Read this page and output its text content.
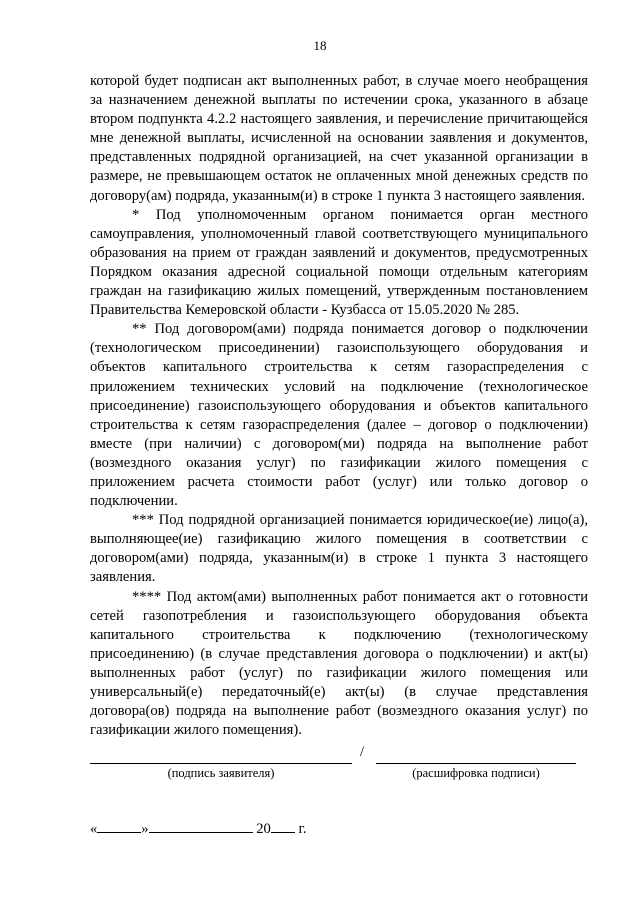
18

которой будет подписан акт выполненных работ, в случае моего необращения за назначением денежной выплаты по истечении срока, указанного в абзаце втором подпункта 4.2.2 настоящего заявления, и перечисление причитающейся мне денежной выплаты, исчисленной на основании заявления и документов, представленных подрядной организацией, на счет указанной организации в размере, не превышающем остаток не оплаченных мной денежных средств по договору(ам) подряда, указанным(и) в строке 1 пункта 3 настоящего заявления.

* Под уполномоченным органом понимается орган местного самоуправления, уполномоченный главой соответствующего муниципального образования на прием от граждан заявлений и документов, предусмотренных Порядком оказания адресной социальной помощи отдельным категориям граждан на газификацию жилых помещений, утвержденным постановлением Правительства Кемеровской области - Кузбасса от 15.05.2020 № 285.

** Под договором(ами) подряда понимается договор о подключении (технологическом присоединении) газоиспользующего оборудования и объектов капитального строительства к сетям газораспределения с приложением технических условий на подключение (технологическое присоединение) газоиспользующего оборудования и объектов капитального строительства к сетям газораспределения (далее – договор о подключении) вместе (при наличии) с договором(ми) подряда на выполнение работ (возмездного оказания услуг) по газификации жилого помещения с приложением расчета стоимости работ (услуг) или только договор о подключении.

*** Под подрядной организацией понимается юридическое(ие) лицо(а), выполняющее(ие) газификацию жилого помещения в соответствии с договором(ами) подряда, указанным(и) в строке 1 пункта 3 настоящего заявления.

**** Под актом(ами) выполненных работ понимается акт о готовности сетей газопотребления и газоиспользующего оборудования объекта капитального строительства к подключению (технологическому присоединению) (в случае представления договора о подключении) и акт(ы) выполненных работ (услуг) по газификации жилого помещения или универсальный(е) передаточный(е) акт(ы) (в случае представления договора(ов) подряда на выполнение работ (возмездного оказания услуг) по газификации жилого помещения).

/
(подпись заявителя)	(расшифровка подписи)
«	»	20 г.
